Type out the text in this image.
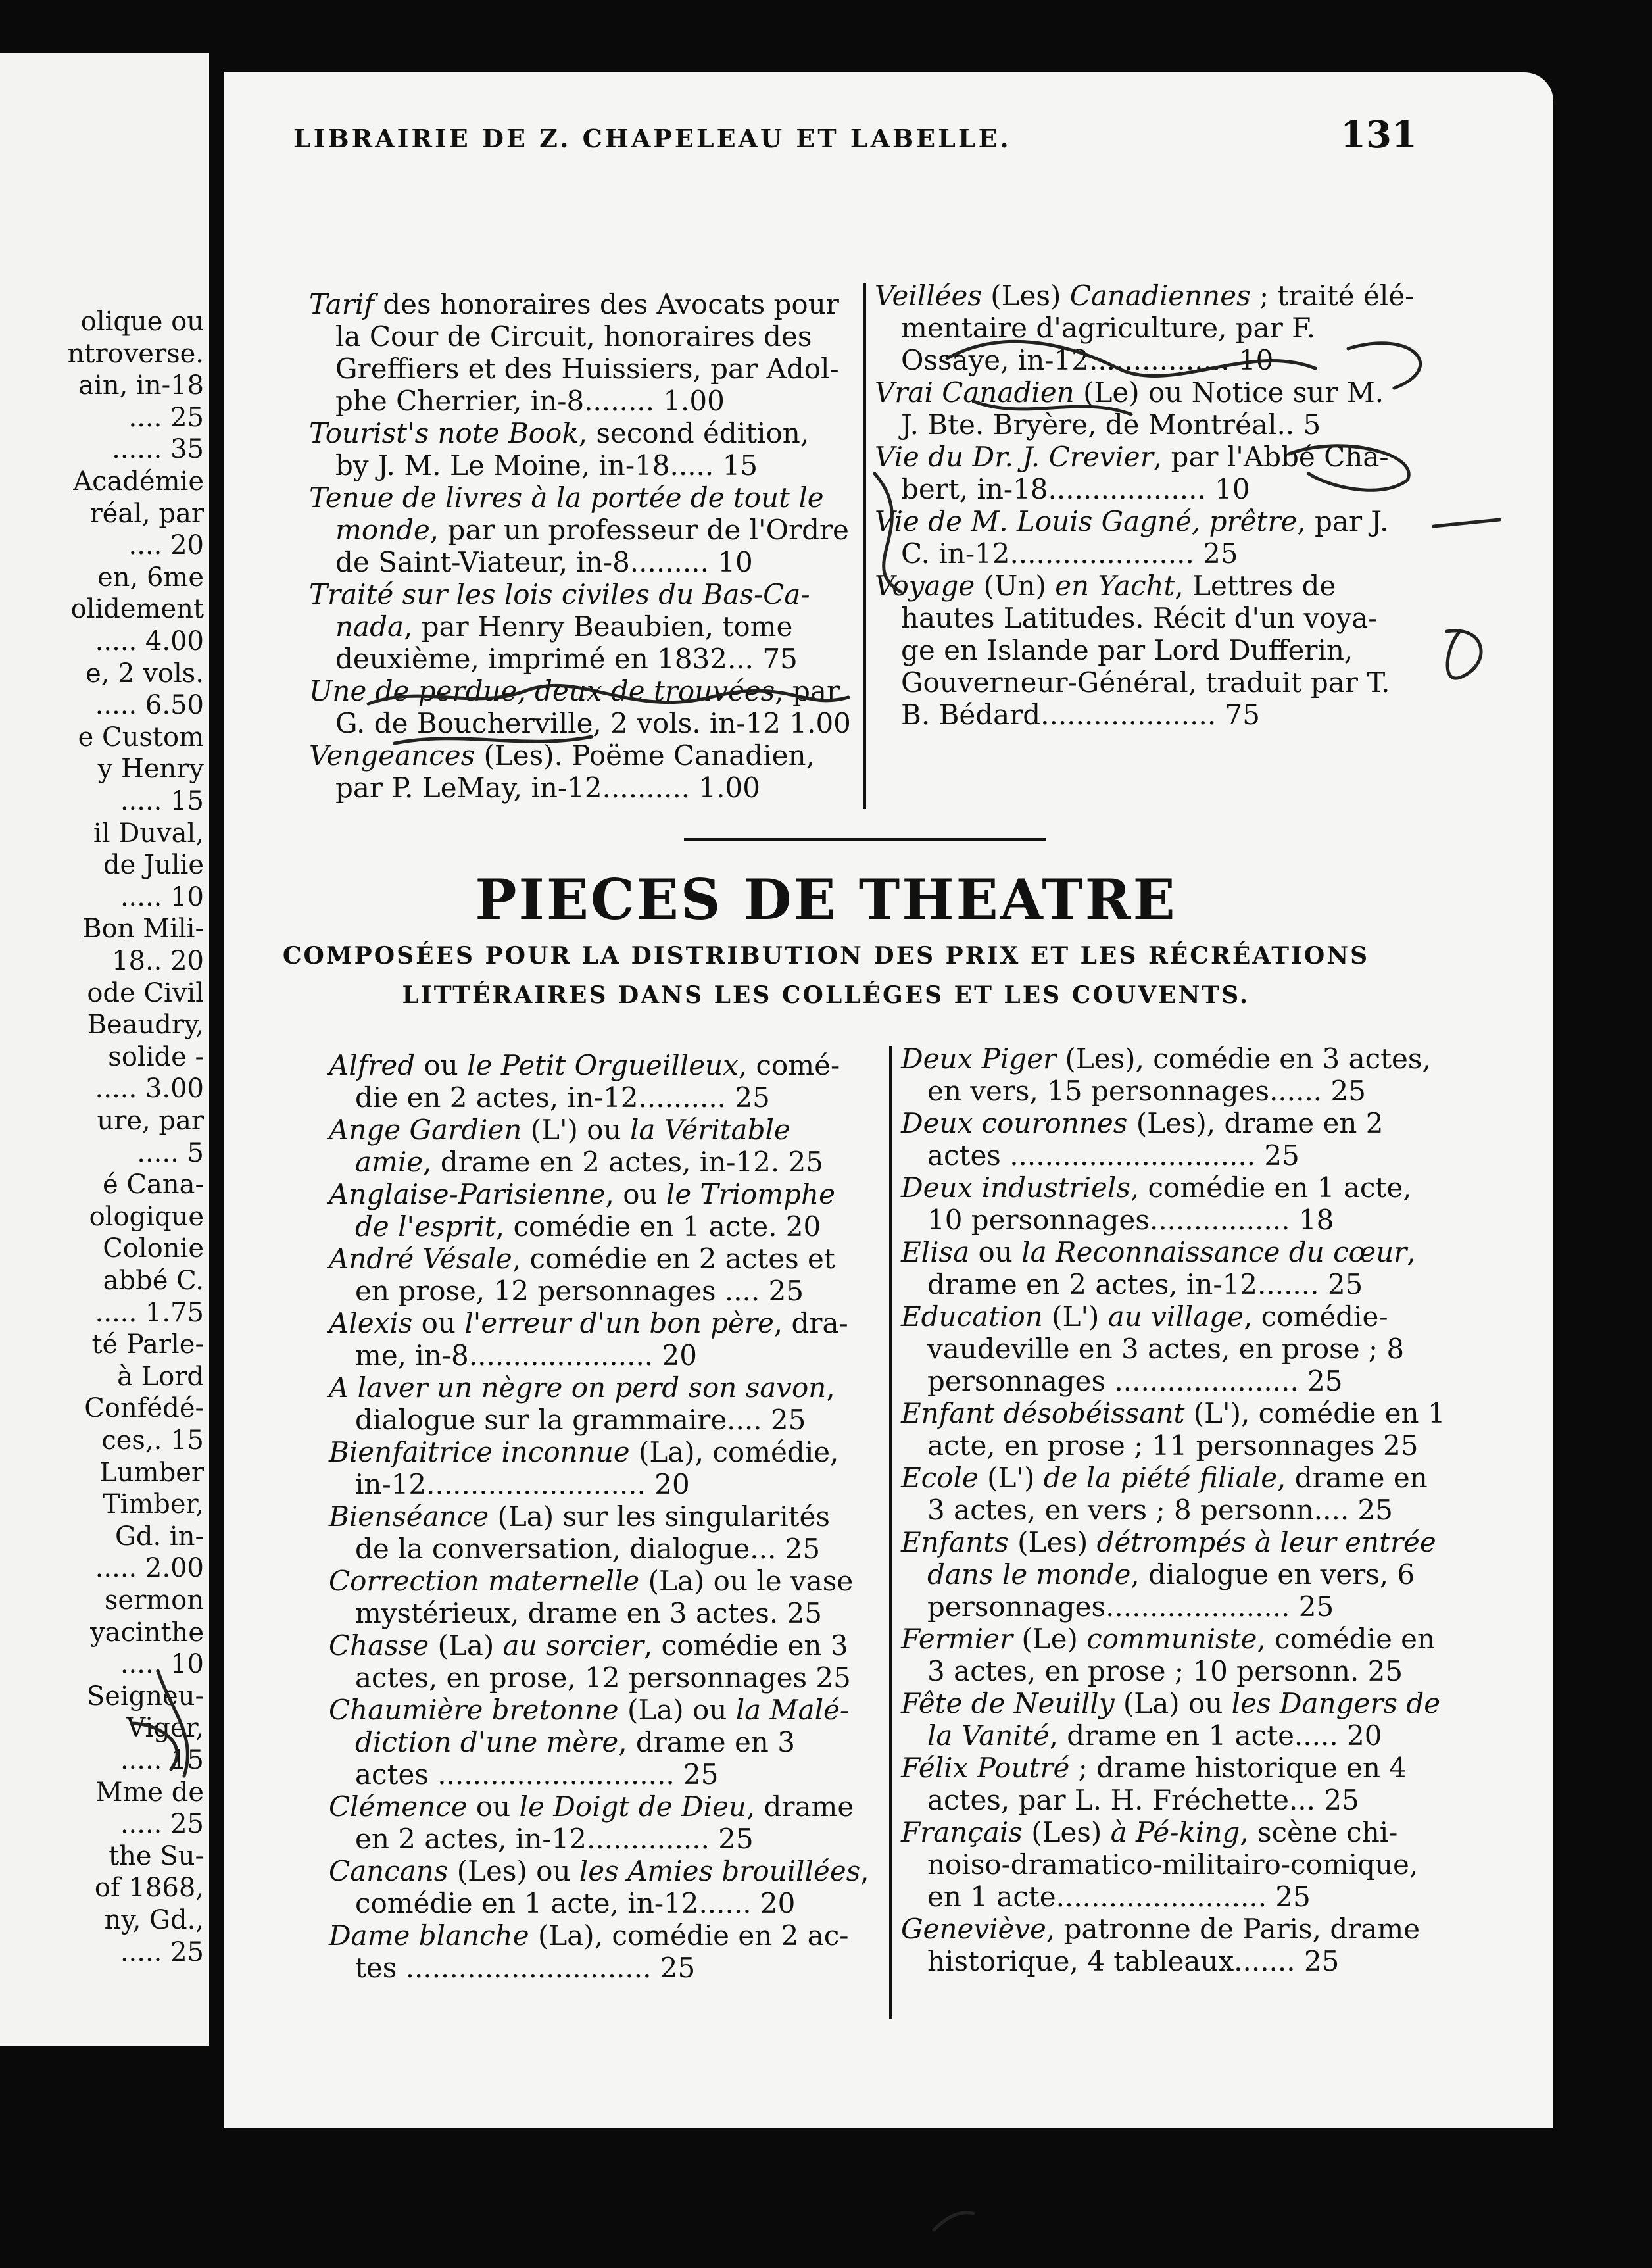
olique ou
ntroverse.
ain, in-18
.... 25
...... 35
Académie
réal, par
.... 20
en, 6me
olidement
..... 4.00
e, 2 vols.
..... 6.50
e Custom
y Henry
..... 15
il Duval,
de Julie
..... 10
Bon Mili-
18.. 20
ode Civil
Beaudry,
solide -
..... 3.00
ure, par
..... 5
é Cana-
ologique
Colonie
abbé C.
..... 1.75
té Parle-
à Lord
Confédé-
ces,. 15
Lumber
Timber,
Gd. in-
..... 2.00
sermon
yacinthe
..... 10
Seigneu-
Viger,
..... 15
Mme de
..... 25
the Su-
of 1868,
ny, Gd.,
..... 25
LIBRAIRIE DE Z. CHAPELEAU ET LABELLE.	131
Tarif des honoraires des Avocats pour
la Cour de Circuit, honoraires des
Greffiers et des Huissiers, par Adol-
phe Cherrier, in-8........ 1.00
Tourist's note Book, second édition,
by J. M. Le Moine, in-18..... 15
Tenue de livres à la portée de tout le
monde, par un professeur de l'Ordre
de Saint-Viateur, in-8......... 10
Traité sur les lois civiles du Bas-Ca-
nada, par Henry Beaubien, tome
deuxième, imprimé en 1832... 75
Une de perdue, deux de trouvées, par
G. de Boucherville, 2 vols. in-12 1.00
Vengeances (Les). Poëme Canadien,
par P. LeMay, in-12.......... 1.00
Veillées (Les) Canadiennes ; traité élé-
mentaire d'agriculture, par F.
Ossaye, in-12................ 10
Vrai Canadien (Le) ou Notice sur M.
J. Bte. Bryère, de Montréal.. 5
Vie du Dr. J. Crevier, par l'Abbé Cha-
bert, in-18.................. 10
Vie de M. Louis Gagné, prêtre, par J.
C. in-12..................... 25
Voyage (Un) en Yacht, Lettres de
hautes Latitudes. Récit d'un voya-
ge en Islande par Lord Dufferin,
Gouverneur-Général, traduit par T.
B. Bédard.................... 75
PIECES DE THEATRE
COMPOSÉES POUR LA DISTRIBUTION DES PRIX ET LES RÉCRÉATIONS
LITTÉRAIRES DANS LES COLLÉGES ET LES COUVENTS.
Alfred ou le Petit Orgueilleux, comé-
die en 2 actes, in-12.......... 25
Ange Gardien (L') ou la Véritable
amie, drame en 2 actes, in-12. 25
Anglaise-Parisienne, ou le Triomphe
de l'esprit, comédie en 1 acte. 20
André Vésale, comédie en 2 actes et
en prose, 12 personnages .... 25
Alexis ou l'erreur d'un bon père, dra-
me, in-8..................... 20
A laver un nègre on perd son savon,
dialogue sur la grammaire.... 25
Bienfaitrice inconnue (La), comédie,
in-12......................... 20
Bienséance (La) sur les singularités
de la conversation, dialogue... 25
Correction maternelle (La) ou le vase
mystérieux, drame en 3 actes. 25
Chasse (La) au sorcier, comédie en 3
actes, en prose, 12 personnages 25
Chaumière bretonne (La) ou la Malé-
diction d'une mère, drame en 3
actes ........................... 25
Clémence ou le Doigt de Dieu, drame
en 2 actes, in-12.............. 25
Cancans (Les) ou les Amies brouillées,
comédie en 1 acte, in-12...... 20
Dame blanche (La), comédie en 2 ac-
tes ............................ 25
Deux Piger (Les), comédie en 3 actes,
en vers, 15 personnages...... 25
Deux couronnes (Les), drame en 2
actes ............................ 25
Deux industriels, comédie en 1 acte,
10 personnages................ 18
Elisa ou la Reconnaissance du cœur,
drame en 2 actes, in-12....... 25
Education (L') au village, comédie-
vaudeville en 3 actes, en prose ; 8
personnages ..................... 25
Enfant désobéissant (L'), comédie en 1
acte, en prose ; 11 personnages 25
Ecole (L') de la piété filiale, drame en
3 actes, en vers ; 8 personn.... 25
Enfants (Les) détrompés à leur entrée
dans le monde, dialogue en vers, 6
personnages..................... 25
Fermier (Le) communiste, comédie en
3 actes, en prose ; 10 personn. 25
Fête de Neuilly (La) ou les Dangers de
la Vanité, drame en 1 acte..... 20
Félix Poutré ; drame historique en 4
actes, par L. H. Fréchette... 25
Français (Les) à Pé-king, scène chi-
noiso-dramatico-militairo-comique,
en 1 acte........................ 25
Geneviève, patronne de Paris, drame
historique, 4 tableaux....... 25
